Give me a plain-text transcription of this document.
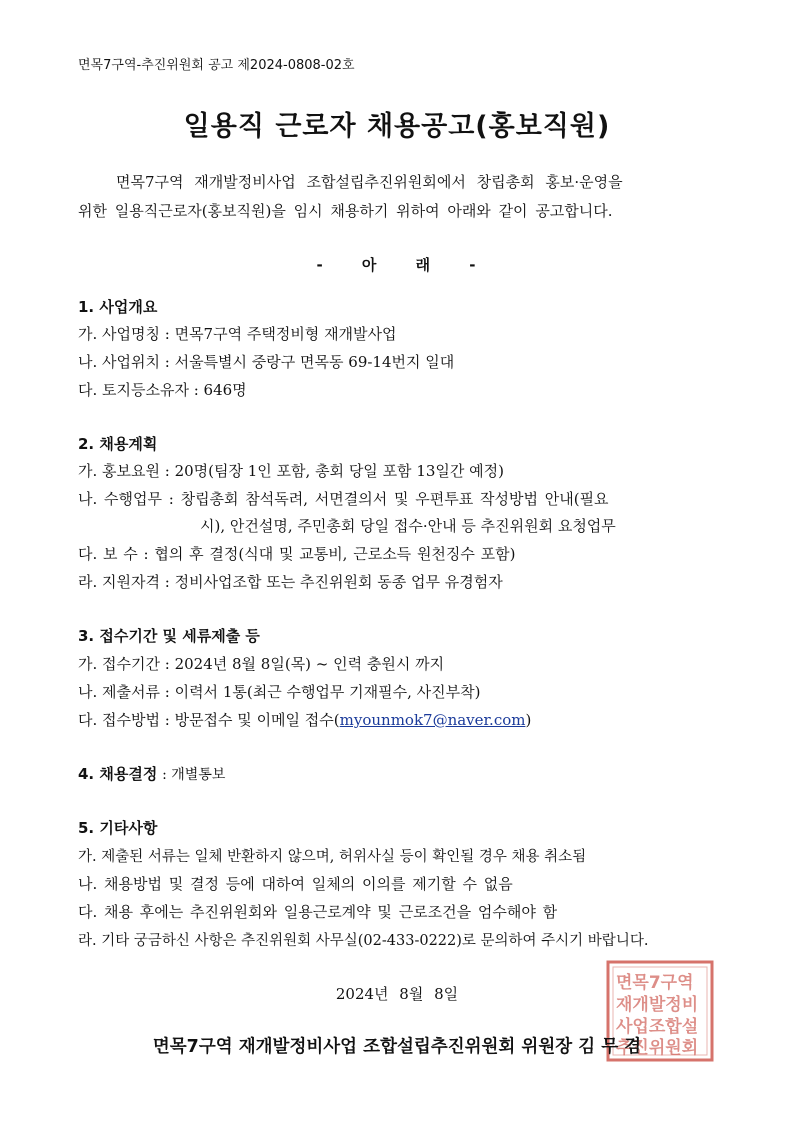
면목7구역-추진위원회 공고 제2024-0808-02호
일용직 근로자 채용공고(홍보직원)
면목7구역 재개발정비사업 조합설립추진위원회에서 창립총회 홍보·운영을
위한 일용직근로자(홍보직원)을 임시 채용하기 위하여 아래와 같이 공고합니다.
- 아 래 -
1. 사업개요
가. 사업명칭 : 면목7구역 주택정비형 재개발사업
나. 사업위치 : 서울특별시 중랑구 면목동 69-14번지 일대
다. 토지등소유자 : 646명
2. 채용계획
가. 홍보요원 : 20명(팀장 1인 포함, 총회 당일 포함 13일간 예정)
나. 수행업무 : 창립총회 참석독려, 서면결의서 및 우편투표 작성방법 안내(필요
시), 안건설명, 주민총회 당일 접수·안내 등 추진위원회 요청업무
다. 보 수 : 협의 후 결정(식대 및 교통비, 근로소득 원천징수 포함)
라. 지원자격 : 정비사업조합 또는 추진위원회 동종 업무 유경험자
3. 접수기간 및 세류제출 등
가. 접수기간 : 2024년 8월 8일(목) ~ 인력 충원시 까지
나. 제출서류 : 이력서 1통(최근 수행업무 기재필수, 사진부착)
다. 접수방법 : 방문접수 및 이메일 접수(myounmok7@naver.com)
4. 채용결정 : 개별통보
5. 기타사항
가. 제출된 서류는 일체 반환하지 않으며, 허위사실 등이 확인될 경우 채용 취소됨
나. 채용방법 및 결정 등에 대하여 일체의 이의를 제기할 수 없음
다. 채용 후에는 추진위원회와 일용근로계약 및 근로조건을 엄수해야 함
라. 기타 궁금하신 사항은 추진위원회 사무실(02-433-0222)로 문의하여 주시기 바랍니다.
2024년 8월 8일
면목7구역
재개발정비
사업조합설
추진위원회
면목7구역 재개발정비사업 조합설립추진위원회 위원장 김 무 겸
